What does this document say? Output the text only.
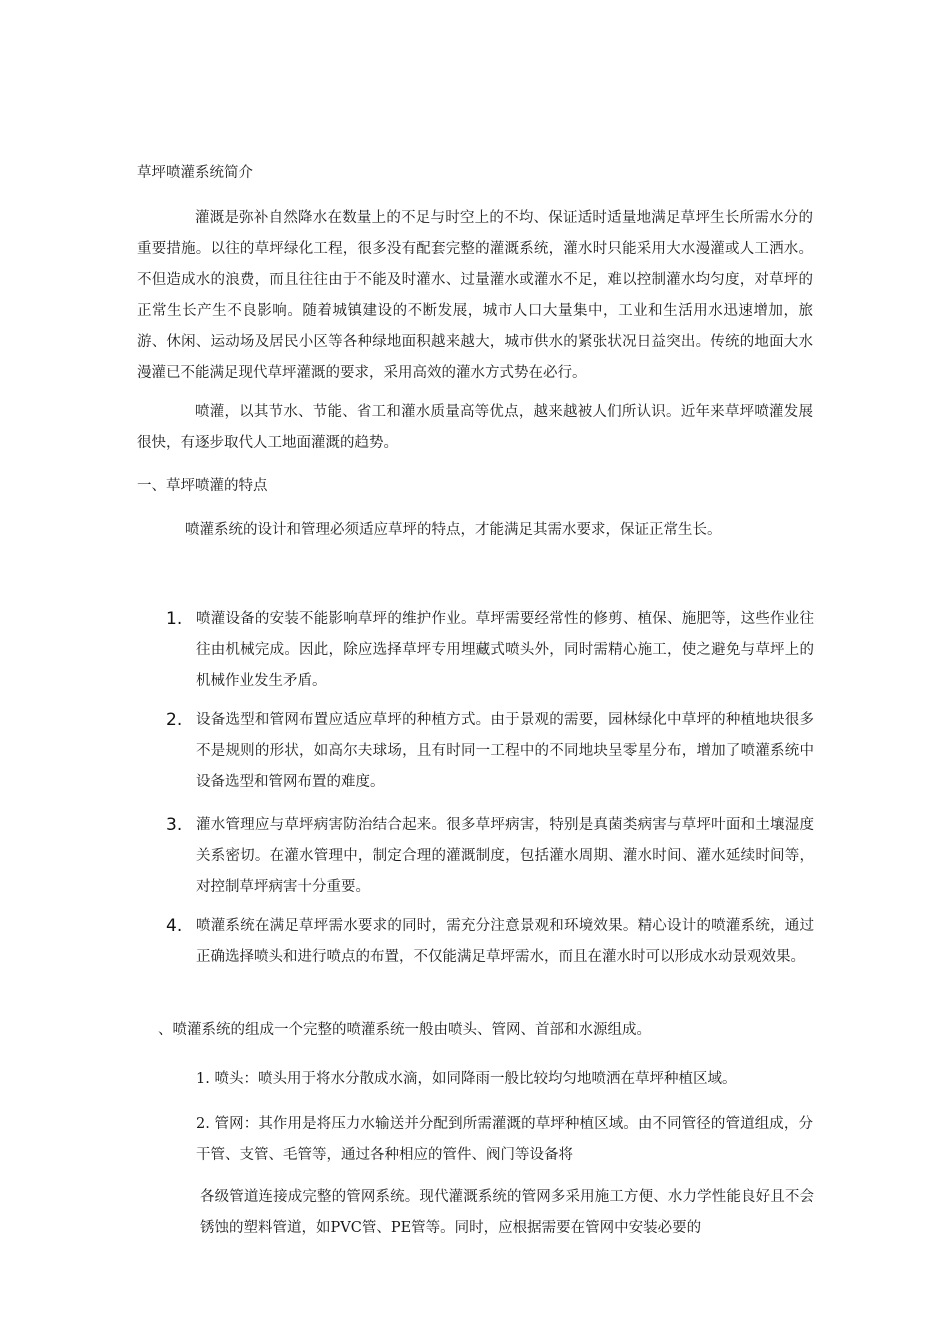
草坪喷灌系统简介

灌溉是弥补自然降水在数量上的不足与时空上的不均、保证适时适量地满足草坪生长所需水分的重要措施。以往的草坪绿化工程，很多没有配套完整的灌溉系统，灌水时只能采用大水漫灌或人工洒水。不但造成水的浪费，而且往往由于不能及时灌水、过量灌水或灌水不足，难以控制灌水均匀度，对草坪的正常生长产生不良影响。随着城镇建设的不断发展，城市人口大量集中，工业和生活用水迅速增加，旅游、休闲、运动场及居民小区等各种绿地面积越来越大，城市供水的紧张状况日益突出。传统的地面大水漫灌已不能满足现代草坪灌溉的要求，采用高效的灌水方式势在必行。

喷灌，以其节水、节能、省工和灌水质量高等优点，越来越被人们所认识。近年来草坪喷灌发展很快，有逐步取代人工地面灌溉的趋势。

一、草坪喷灌的特点

喷灌系统的设计和管理必须适应草坪的特点，才能满足其需水要求，保证正常生长。

1. 喷灌设备的安装不能影响草坪的维护作业。草坪需要经常性的修剪、植保、施肥等，这些作业往往由机械完成。因此，除应选择草坪专用埋藏式喷头外，同时需精心施工，使之避免与草坪上的机械作业发生矛盾。
2. 设备选型和管网布置应适应草坪的种植方式。由于景观的需要，园林绿化中草坪的种植地块很多不是规则的形状，如高尔夫球场，且有时同一工程中的不同地块呈零星分布，增加了喷灌系统中设备选型和管网布置的难度。
3. 灌水管理应与草坪病害防治结合起来。很多草坪病害，特别是真菌类病害与草坪叶面和土壤湿度关系密切。在灌水管理中，制定合理的灌溉制度，包括灌水周期、灌水时间、灌水延续时间等，对控制草坪病害十分重要。
4. 喷灌系统在满足草坪需水要求的同时，需充分注意景观和环境效果。精心设计的喷灌系统，通过正确选择喷头和进行喷点的布置，不仅能满足草坪需水，而且在灌水时可以形成水动景观效果。

、喷灌系统的组成一个完整的喷灌系统一般由喷头、管网、首部和水源组成。

1. 喷头：喷头用于将水分散成水滴，如同降雨一般比较均匀地喷洒在草坪种植区域。

2. 管网：其作用是将压力水输送并分配到所需灌溉的草坪种植区域。由不同管径的管道组成，分干管、支管、毛管等，通过各种相应的管件、阀门等设备将

各级管道连接成完整的管网系统。现代灌溉系统的管网多采用施工方便、水力学性能良好且不会锈蚀的塑料管道，如PVC管、PE管等。同时，应根据需要在管网中安装必要的
